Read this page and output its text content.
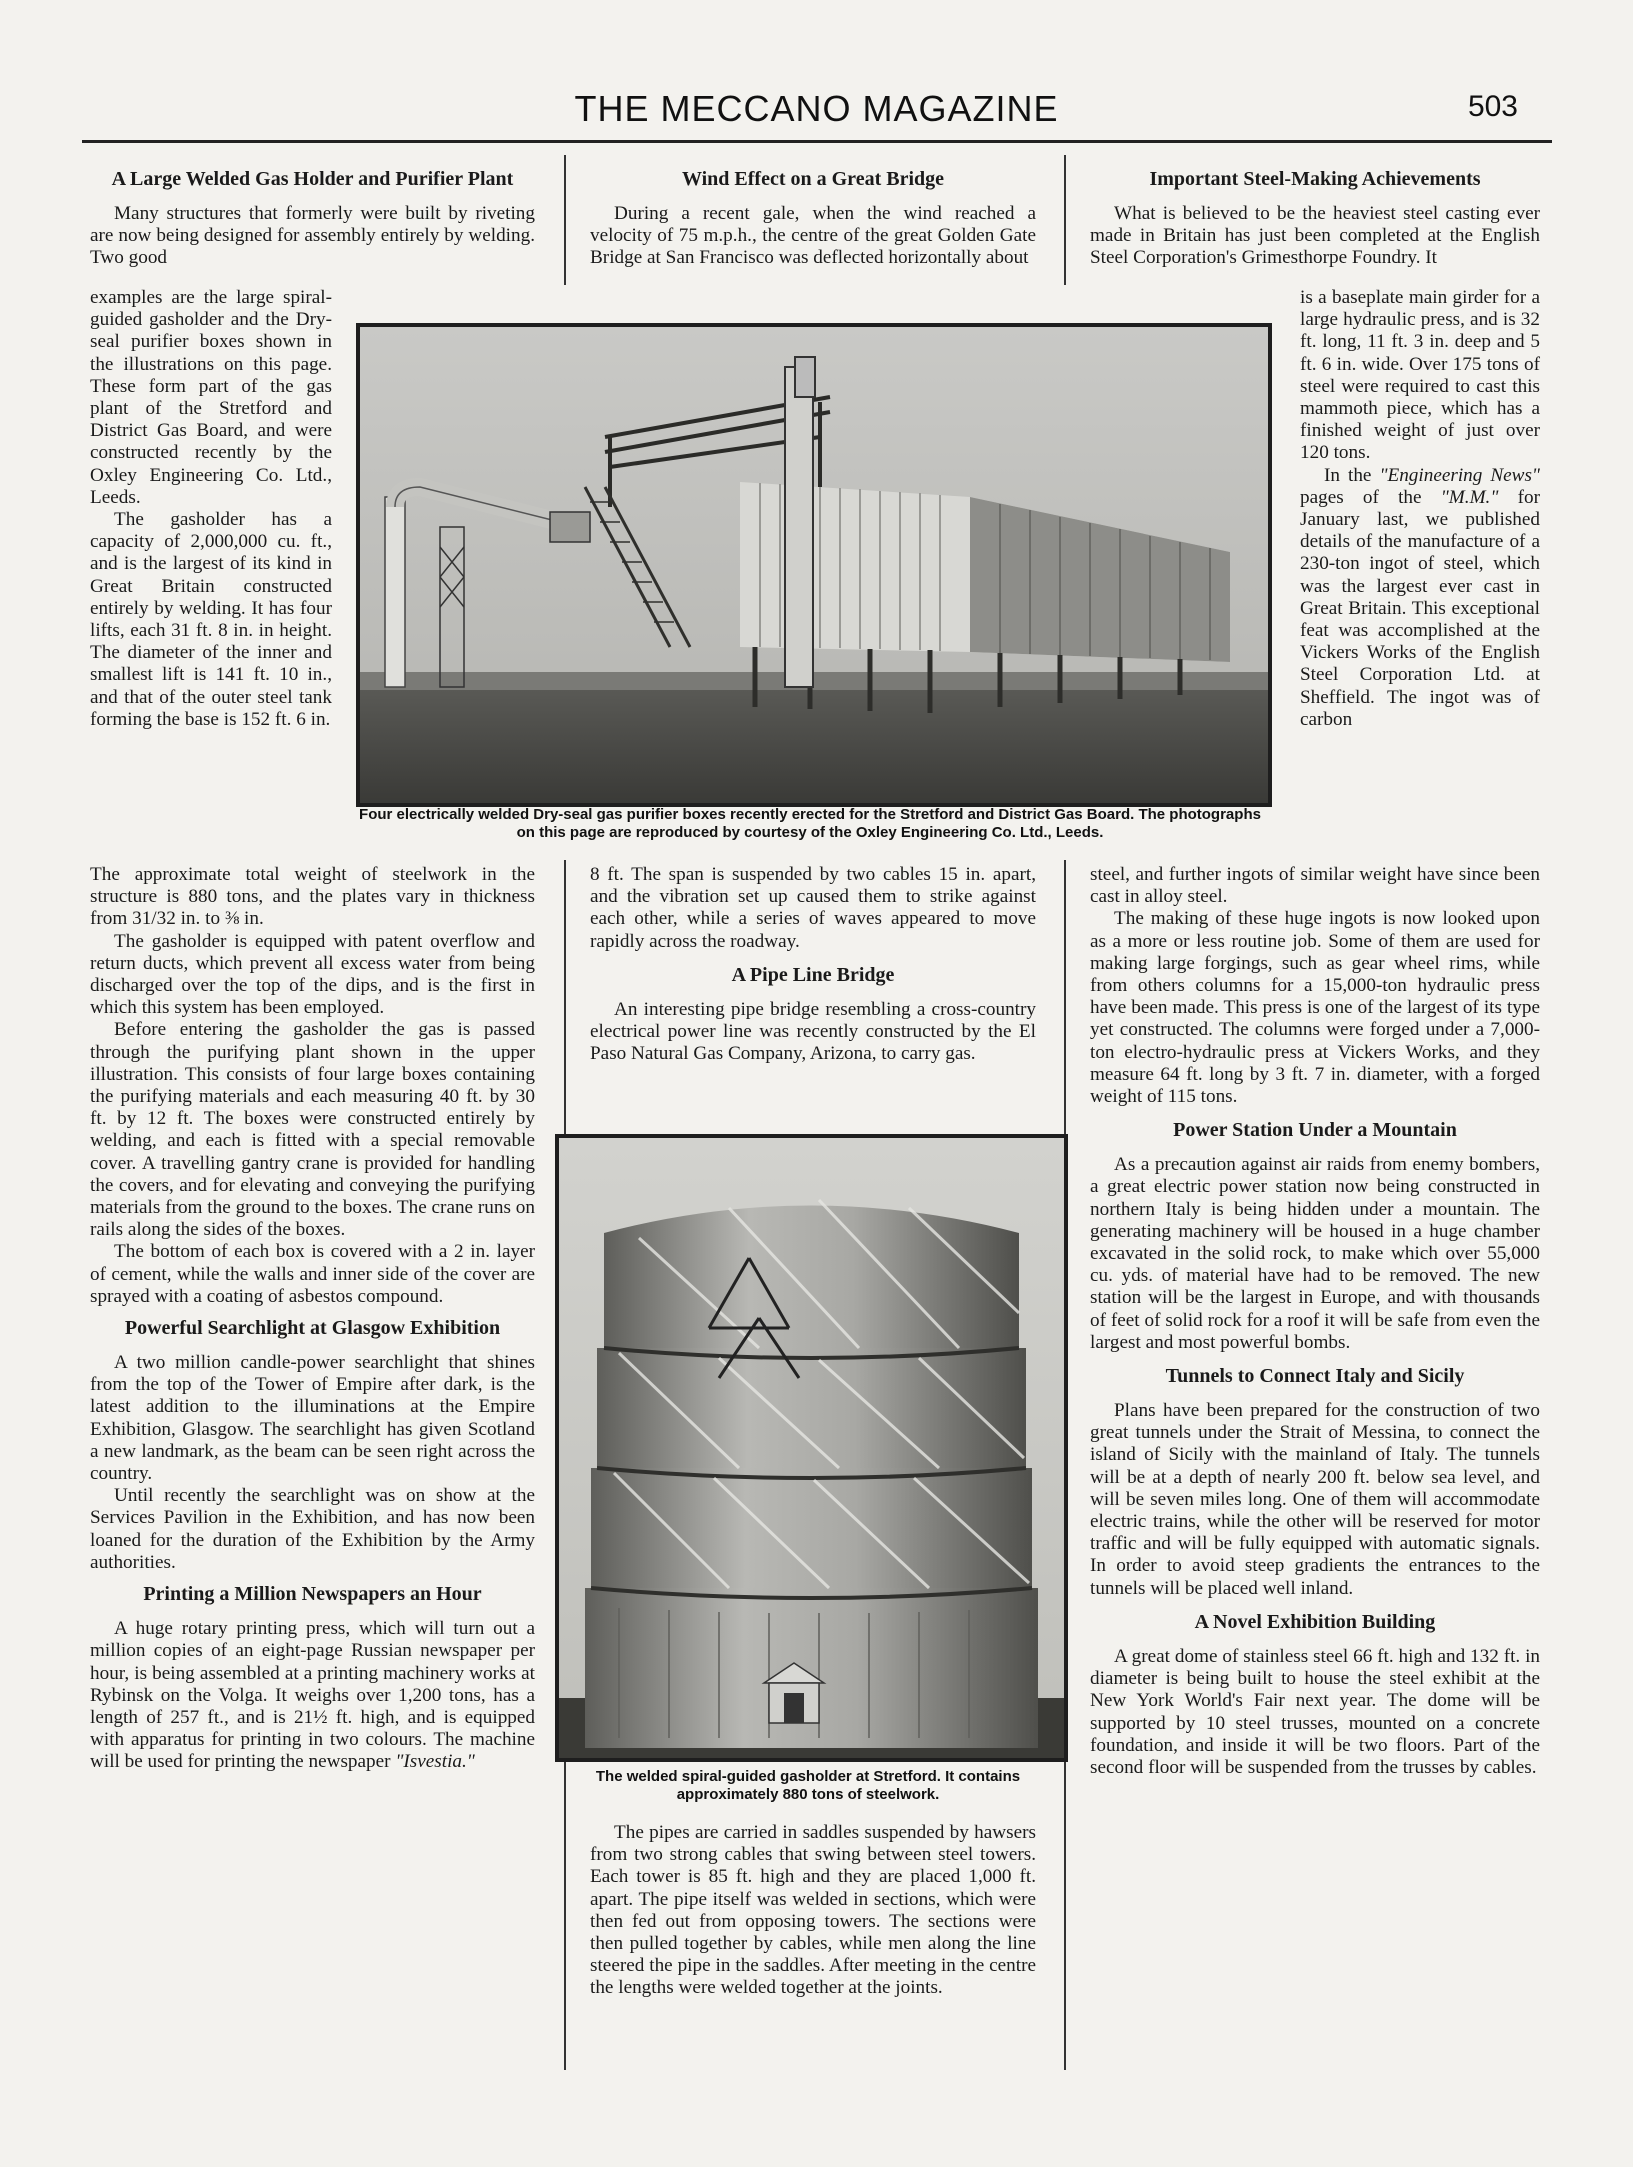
THE MECCANO MAGAZINE	503
A Large Welded Gas Holder and Purifier Plant

Many structures that formerly were built by riveting are now being designed for assembly entirely by welding. Two good

examples are the large spiral-guided gasholder and the Dry-seal purifier boxes shown in the illustrations on this page. These form part of the gas plant of the Stretford and District Gas Board, and were constructed recently by the Oxley Engineering Co. Ltd., Leeds.

The gasholder has a capacity of 2,000,000 cu. ft., and is the largest of its kind in Great Britain constructed entirely by welding. It has four lifts, each 31 ft. 8 in. in height. The diameter of the inner and smallest lift is 141 ft. 10 in., and that of the outer steel tank forming the base is 152 ft. 6 in.

The approximate total weight of steelwork in the structure is 880 tons, and the plates vary in thickness from 31/32 in. to ⅜ in.

The gasholder is equipped with patent overflow and return ducts, which prevent all excess water from being discharged over the top of the dips, and is the first in which this system has been employed.

Before entering the gasholder the gas is passed through the purifying plant shown in the upper illustration. This consists of four large boxes containing the purifying materials and each measuring 40 ft. by 30 ft. by 12 ft. The boxes were constructed entirely by welding, and each is fitted with a special removable cover. A travelling gantry crane is provided for handling the covers, and for elevating and conveying the purifying materials from the ground to the boxes. The crane runs on rails along the sides of the boxes.

The bottom of each box is covered with a 2 in. layer of cement, while the walls and inner side of the cover are sprayed with a coating of asbestos compound.

Powerful Searchlight at Glasgow Exhibition

A two million candle-power searchlight that shines from the top of the Tower of Empire after dark, is the latest addition to the illuminations at the Empire Exhibition, Glasgow. The searchlight has given Scotland a new landmark, as the beam can be seen right across the country.

Until recently the searchlight was on show at the Services Pavilion in the Exhibition, and has now been loaned for the duration of the Exhibition by the Army authorities.

Printing a Million Newspapers an Hour

A huge rotary printing press, which will turn out a million copies of an eight-page Russian newspaper per hour, is being assembled at a printing machinery works at Rybinsk on the Volga. It weighs over 1,200 tons, has a length of 257 ft., and is 21½ ft. high, and is equipped with apparatus for printing in two colours. The machine will be used for printing the newspaper "Isvestia."

Wind Effect on a Great Bridge

During a recent gale, when the wind reached a velocity of 75 m.p.h., the centre of the great Golden Gate Bridge at San Francisco was deflected horizontally about

8 ft. The span is suspended by two cables 15 in. apart, and the vibration set up caused them to strike against each other, while a series of waves appeared to move rapidly across the roadway.

A Pipe Line Bridge

An interesting pipe bridge resembling a cross-country electrical power line was recently constructed by the El Paso Natural Gas Company, Arizona, to carry gas.

The pipes are carried in saddles suspended by hawsers from two strong cables that swing between steel towers. Each tower is 85 ft. high and they are placed 1,000 ft. apart. The pipe itself was welded in sections, which were then fed out from opposing towers. The sections were then pulled together by cables, while men along the line steered the pipe in the saddles. After meeting in the centre the lengths were welded together at the joints.

Important Steel-Making Achievements

What is believed to be the heaviest steel casting ever made in Britain has just been completed at the English Steel Corporation's Grimesthorpe Foundry. It

is a baseplate main girder for a large hydraulic press, and is 32 ft. long, 11 ft. 3 in. deep and 5 ft. 6 in. wide. Over 175 tons of steel were required to cast this mammoth piece, which has a finished weight of just over 120 tons.

In the "Engineering News" pages of the "M.M." for January last, we published details of the manufacture of a 230-ton ingot of steel, which was the largest ever cast in Great Britain. This exceptional feat was accomplished at the Vickers Works of the English Steel Corporation Ltd. at Sheffield. The ingot was of carbon

steel, and further ingots of similar weight have since been cast in alloy steel.

The making of these huge ingots is now looked upon as a more or less routine job. Some of them are used for making large forgings, such as gear wheel rims, while from others columns for a 15,000-ton hydraulic press have been made. This press is one of the largest of its type yet constructed. The columns were forged under a 7,000-ton electro-hydraulic press at Vickers Works, and they measure 64 ft. long by 3 ft. 7 in. diameter, with a forged weight of 115 tons.

Power Station Under a Mountain

As a precaution against air raids from enemy bombers, a great electric power station now being constructed in northern Italy is being hidden under a mountain. The generating machinery will be housed in a huge chamber excavated in the solid rock, to make which over 55,000 cu. yds. of material have had to be removed. The new station will be the largest in Europe, and with thousands of feet of solid rock for a roof it will be safe from even the largest and most powerful bombs.

Tunnels to Connect Italy and Sicily

Plans have been prepared for the construction of two great tunnels under the Strait of Messina, to connect the island of Sicily with the mainland of Italy. The tunnels will be at a depth of nearly 200 ft. below sea level, and will be seven miles long. One of them will accommodate electric trains, while the other will be reserved for motor traffic and will be fully equipped with automatic signals. In order to avoid steep gradients the entrances to the tunnels will be placed well inland.

A Novel Exhibition Building

A great dome of stainless steel 66 ft. high and 132 ft. in diameter is being built to house the steel exhibit at the New York World's Fair next year. The dome will be supported by 10 steel trusses, mounted on a concrete foundation, and inside it will be two floors. Part of the second floor will be suspended from the trusses by cables.

Four electrically welded Dry-seal gas purifier boxes recently erected for the Stretford and District Gas Board. The photographs on this page are reproduced by courtesy of the Oxley Engineering Co. Ltd., Leeds.
The welded spiral-guided gasholder at Stretford. It contains approximately 880 tons of steelwork.
